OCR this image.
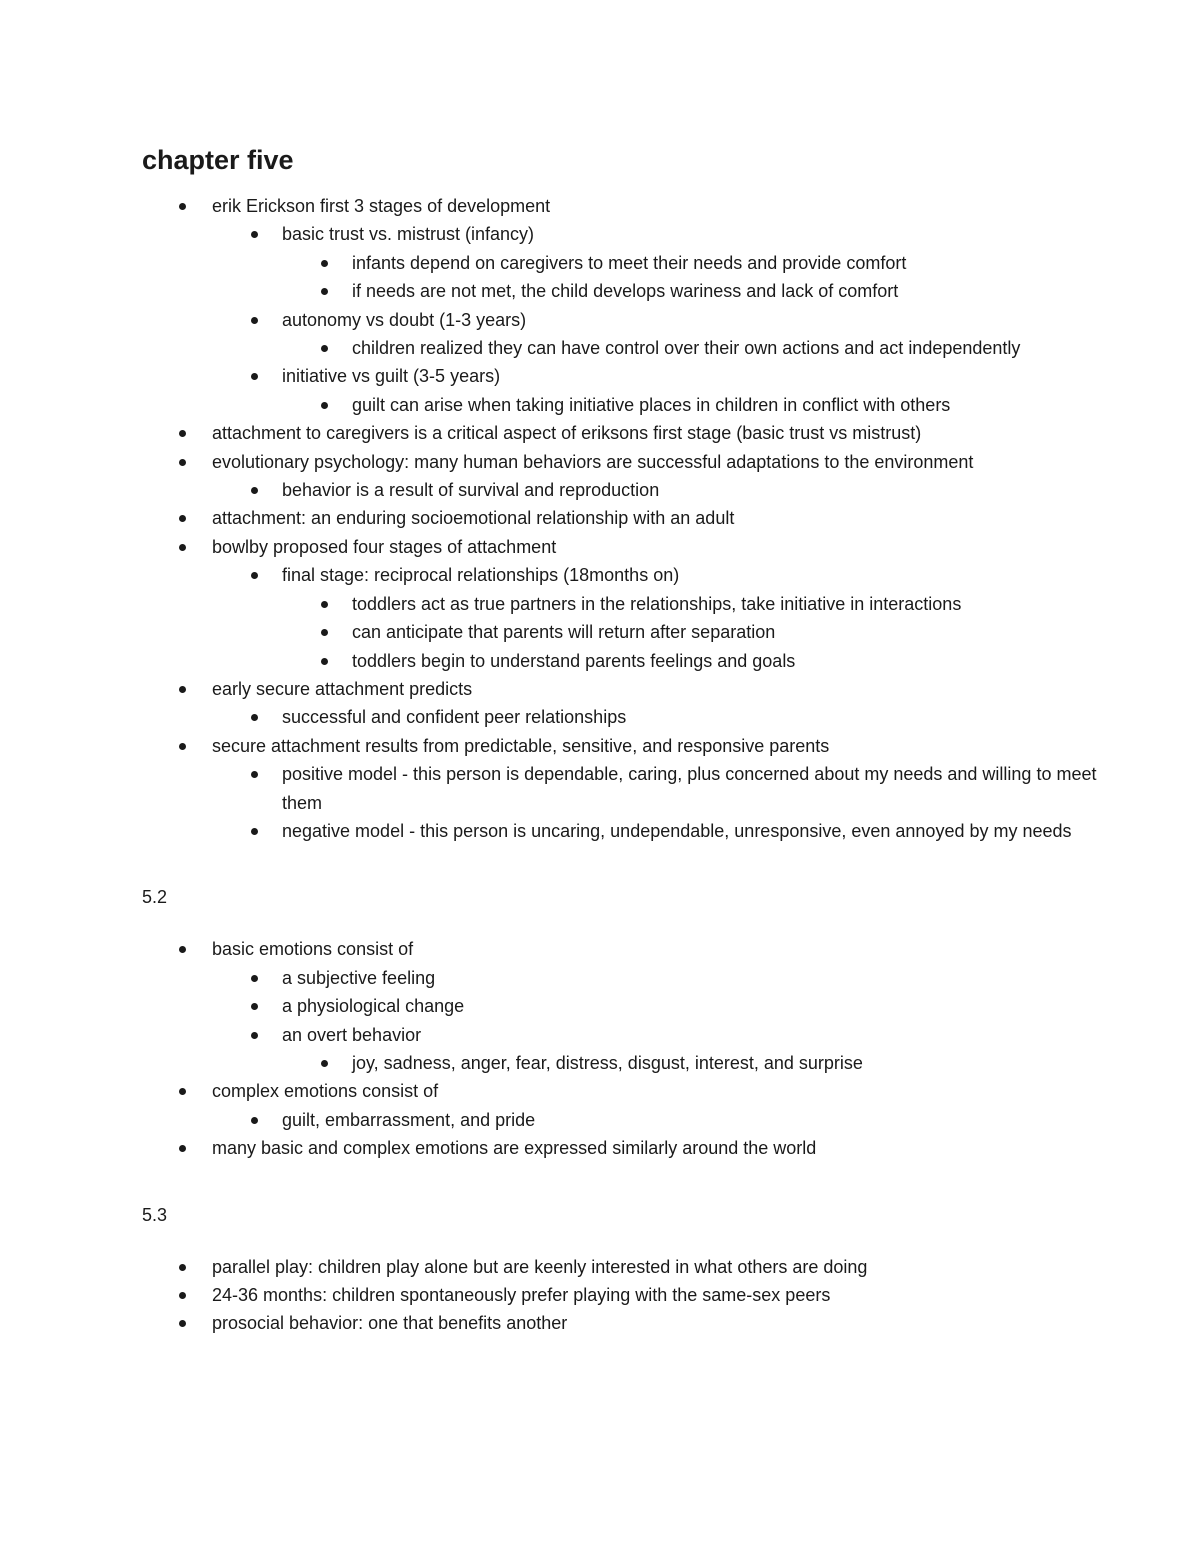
chapter five
erik Erickson first 3 stages of development
basic trust vs. mistrust (infancy)
infants depend on caregivers to meet their needs and provide comfort
if needs are not met, the child develops wariness and lack of comfort
autonomy vs doubt (1-3 years)
children realized they can have control over their own actions and act independently
initiative vs guilt (3-5 years)
guilt can arise when taking initiative places in children in conflict with others
attachment to caregivers is a critical aspect of eriksons first stage (basic trust vs mistrust)
evolutionary psychology: many human behaviors are successful adaptations to the environment
behavior is a result of survival and reproduction
attachment: an enduring socioemotional relationship with an adult
bowlby proposed four stages of attachment
final stage: reciprocal relationships (18months on)
toddlers act as true partners in the relationships, take initiative in interactions
can anticipate that parents will return after separation
toddlers begin to understand parents feelings and goals
early secure attachment predicts
successful and confident peer relationships
secure attachment results from predictable, sensitive, and responsive parents
positive model - this person is dependable, caring, plus concerned about my needs and willing to meet them
negative model - this person is uncaring, undependable, unresponsive, even annoyed by my needs
5.2
basic emotions consist of
a subjective feeling
a physiological change
an overt behavior
joy, sadness, anger, fear, distress, disgust, interest, and surprise
complex emotions consist of
guilt, embarrassment, and pride
many basic and complex emotions are expressed similarly around the world
5.3
parallel play: children play alone but are keenly interested in what others are doing
24-36 months: children spontaneously prefer playing with the same-sex peers
prosocial behavior: one that benefits another
